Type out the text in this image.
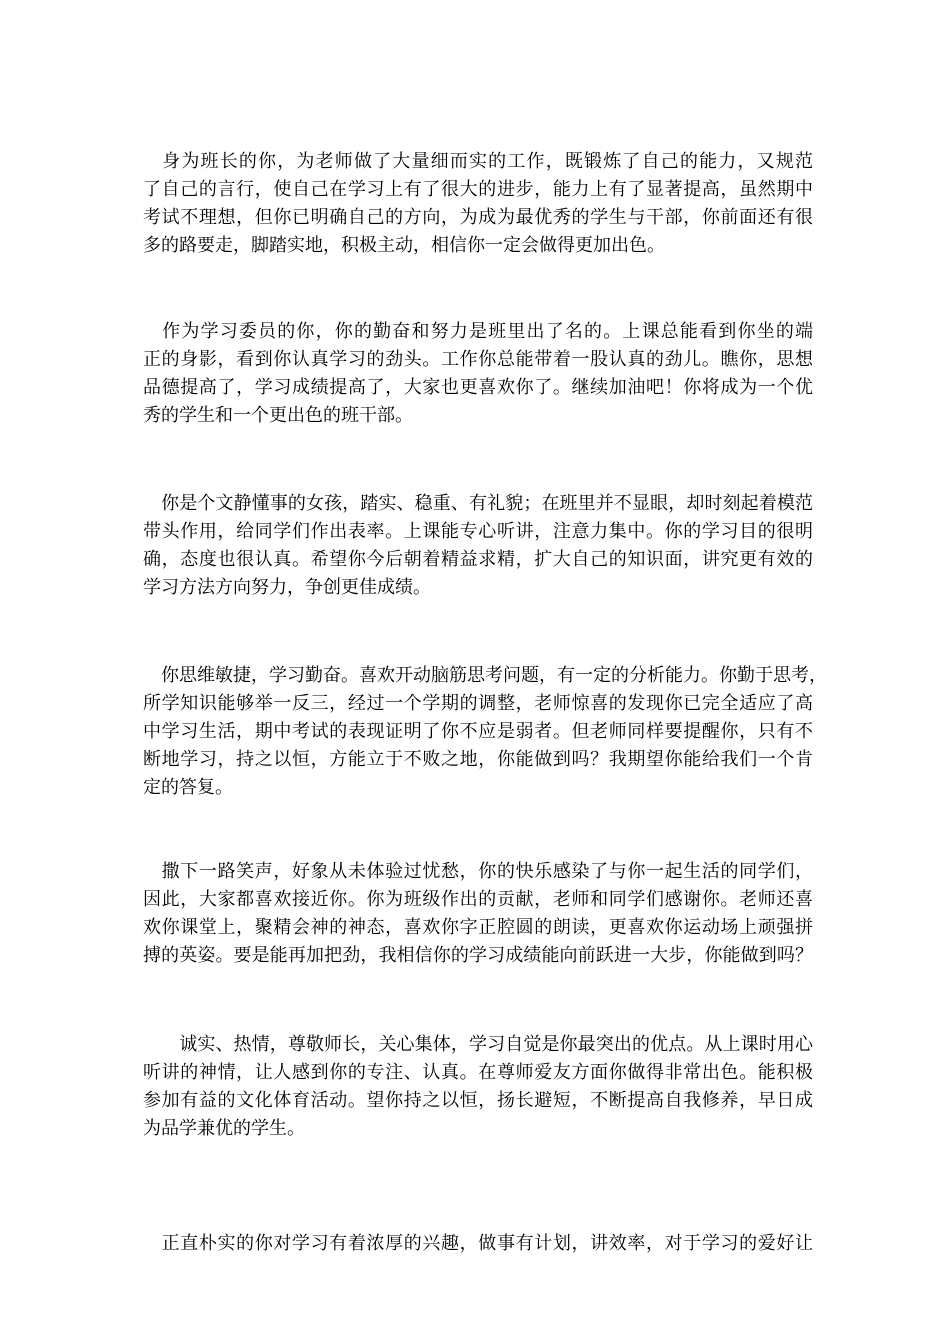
　身为班长的你，为老师做了大量细而实的工作，既锻炼了自己的能力，又规范
了自己的言行，使自己在学习上有了很大的进步，能力上有了显著提高，虽然期中
考试不理想，但你已明确自己的方向，为成为最优秀的学生与干部，你前面还有很
多的路要走，脚踏实地，积极主动，相信你一定会做得更加出色。

　作为学习委员的你，你的勤奋和努力是班里出了名的。上课总能看到你坐的端
正的身影，看到你认真学习的劲头。工作你总能带着一股认真的劲儿。瞧你，思想
品德提高了，学习成绩提高了，大家也更喜欢你了。继续加油吧！你将成为一个优
秀的学生和一个更出色的班干部。

　你是个文静懂事的女孩，踏实、稳重、有礼貌；在班里并不显眼，却时刻起着模范
带头作用，给同学们作出表率。上课能专心听讲，注意力集中。你的学习目的很明
确，态度也很认真。希望你今后朝着精益求精，扩大自己的知识面，讲究更有效的
学习方法方向努力，争创更佳成绩。

　你思维敏捷，学习勤奋。喜欢开动脑筋思考问题，有一定的分析能力。你勤于思考，
所学知识能够举一反三，经过一个学期的调整，老师惊喜的发现你已完全适应了高
中学习生活，期中考试的表现证明了你不应是弱者。但老师同样要提醒你，只有不
断地学习，持之以恒，方能立于不败之地，你能做到吗？我期望你能给我们一个肯
定的答复。

　撒下一路笑声，好象从未体验过忧愁，你的快乐感染了与你一起生活的同学们，
因此，大家都喜欢接近你。你为班级作出的贡献，老师和同学们感谢你。老师还喜
欢你课堂上，聚精会神的神态，喜欢你字正腔圆的朗读，更喜欢你运动场上顽强拼
搏的英姿。要是能再加把劲，我相信你的学习成绩能向前跃进一大步，你能做到吗？

　　诚实、热情，尊敬师长，关心集体，学习自觉是你最突出的优点。从上课时用心
听讲的神情，让人感到你的专注、认真。在尊师爱友方面你做得非常出色。能积极
参加有益的文化体育活动。望你持之以恒，扬长避短，不断提高自我修养，早日成
为品学兼优的学生。

　正直朴实的你对学习有着浓厚的兴趣，做事有计划，讲效率，对于学习的爱好让
